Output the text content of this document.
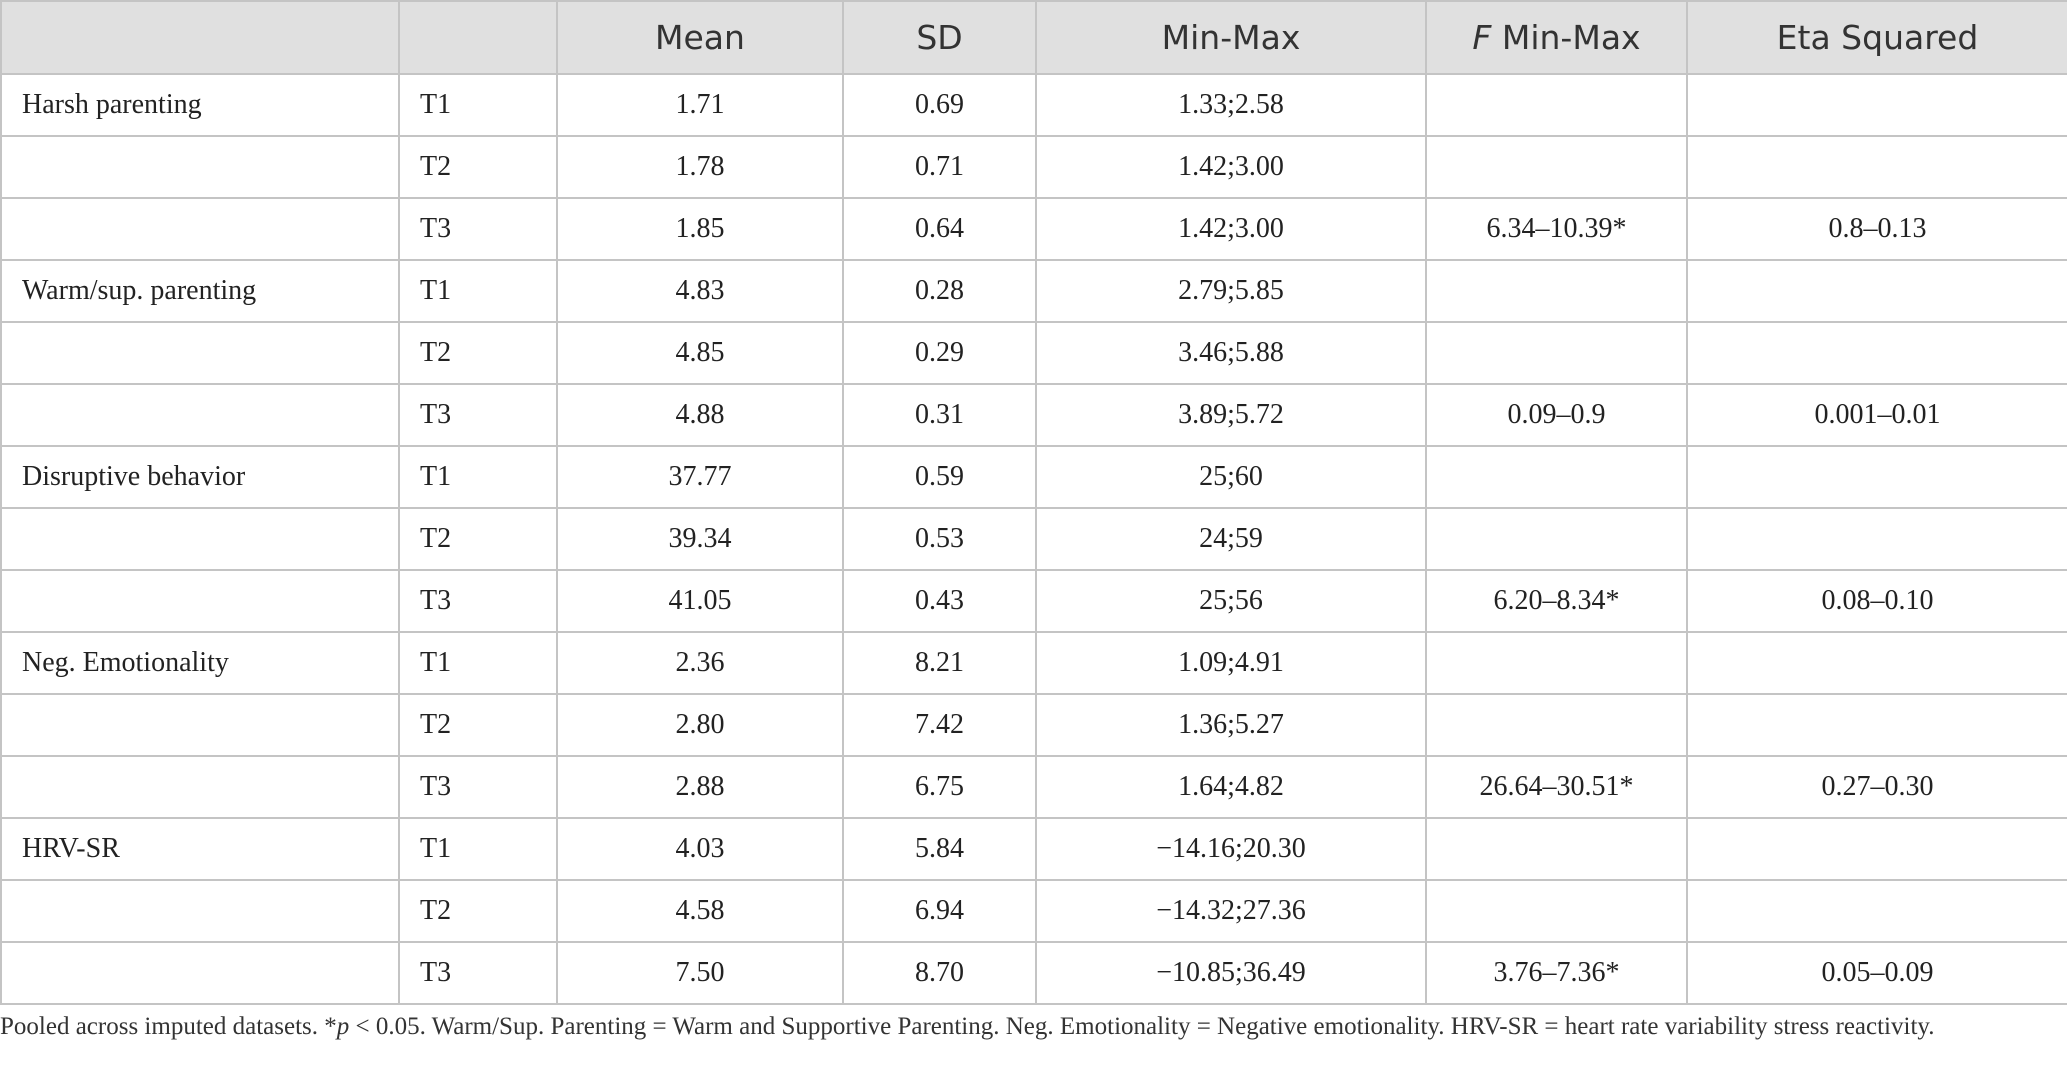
		Mean	SD	Min-Max	F Min-Max	Eta Squared
Harsh parenting	T1	1.71	0.69	1.33;2.58		
	T2	1.78	0.71	1.42;3.00		
	T3	1.85	0.64	1.42;3.00	6.34–10.39*	0.8–0.13
Warm/sup. parenting	T1	4.83	0.28	2.79;5.85		
	T2	4.85	0.29	3.46;5.88		
	T3	4.88	0.31	3.89;5.72	0.09–0.9	0.001–0.01
Disruptive behavior	T1	37.77	0.59	25;60		
	T2	39.34	0.53	24;59		
	T3	41.05	0.43	25;56	6.20–8.34*	0.08–0.10
Neg. Emotionality	T1	2.36	8.21	1.09;4.91		
	T2	2.80	7.42	1.36;5.27		
	T3	2.88	6.75	1.64;4.82	26.64–30.51*	0.27–0.30
HRV-SR	T1	4.03	5.84	−14.16;20.30		
	T2	4.58	6.94	−14.32;27.36		
	T3	7.50	8.70	−10.85;36.49	3.76–7.36*	0.05–0.09
Pooled across imputed datasets. *p < 0.05. Warm/Sup. Parenting = Warm and Supportive Parenting. Neg. Emotionality = Negative emotionality. HRV-SR = heart rate variability stress reactivity.
